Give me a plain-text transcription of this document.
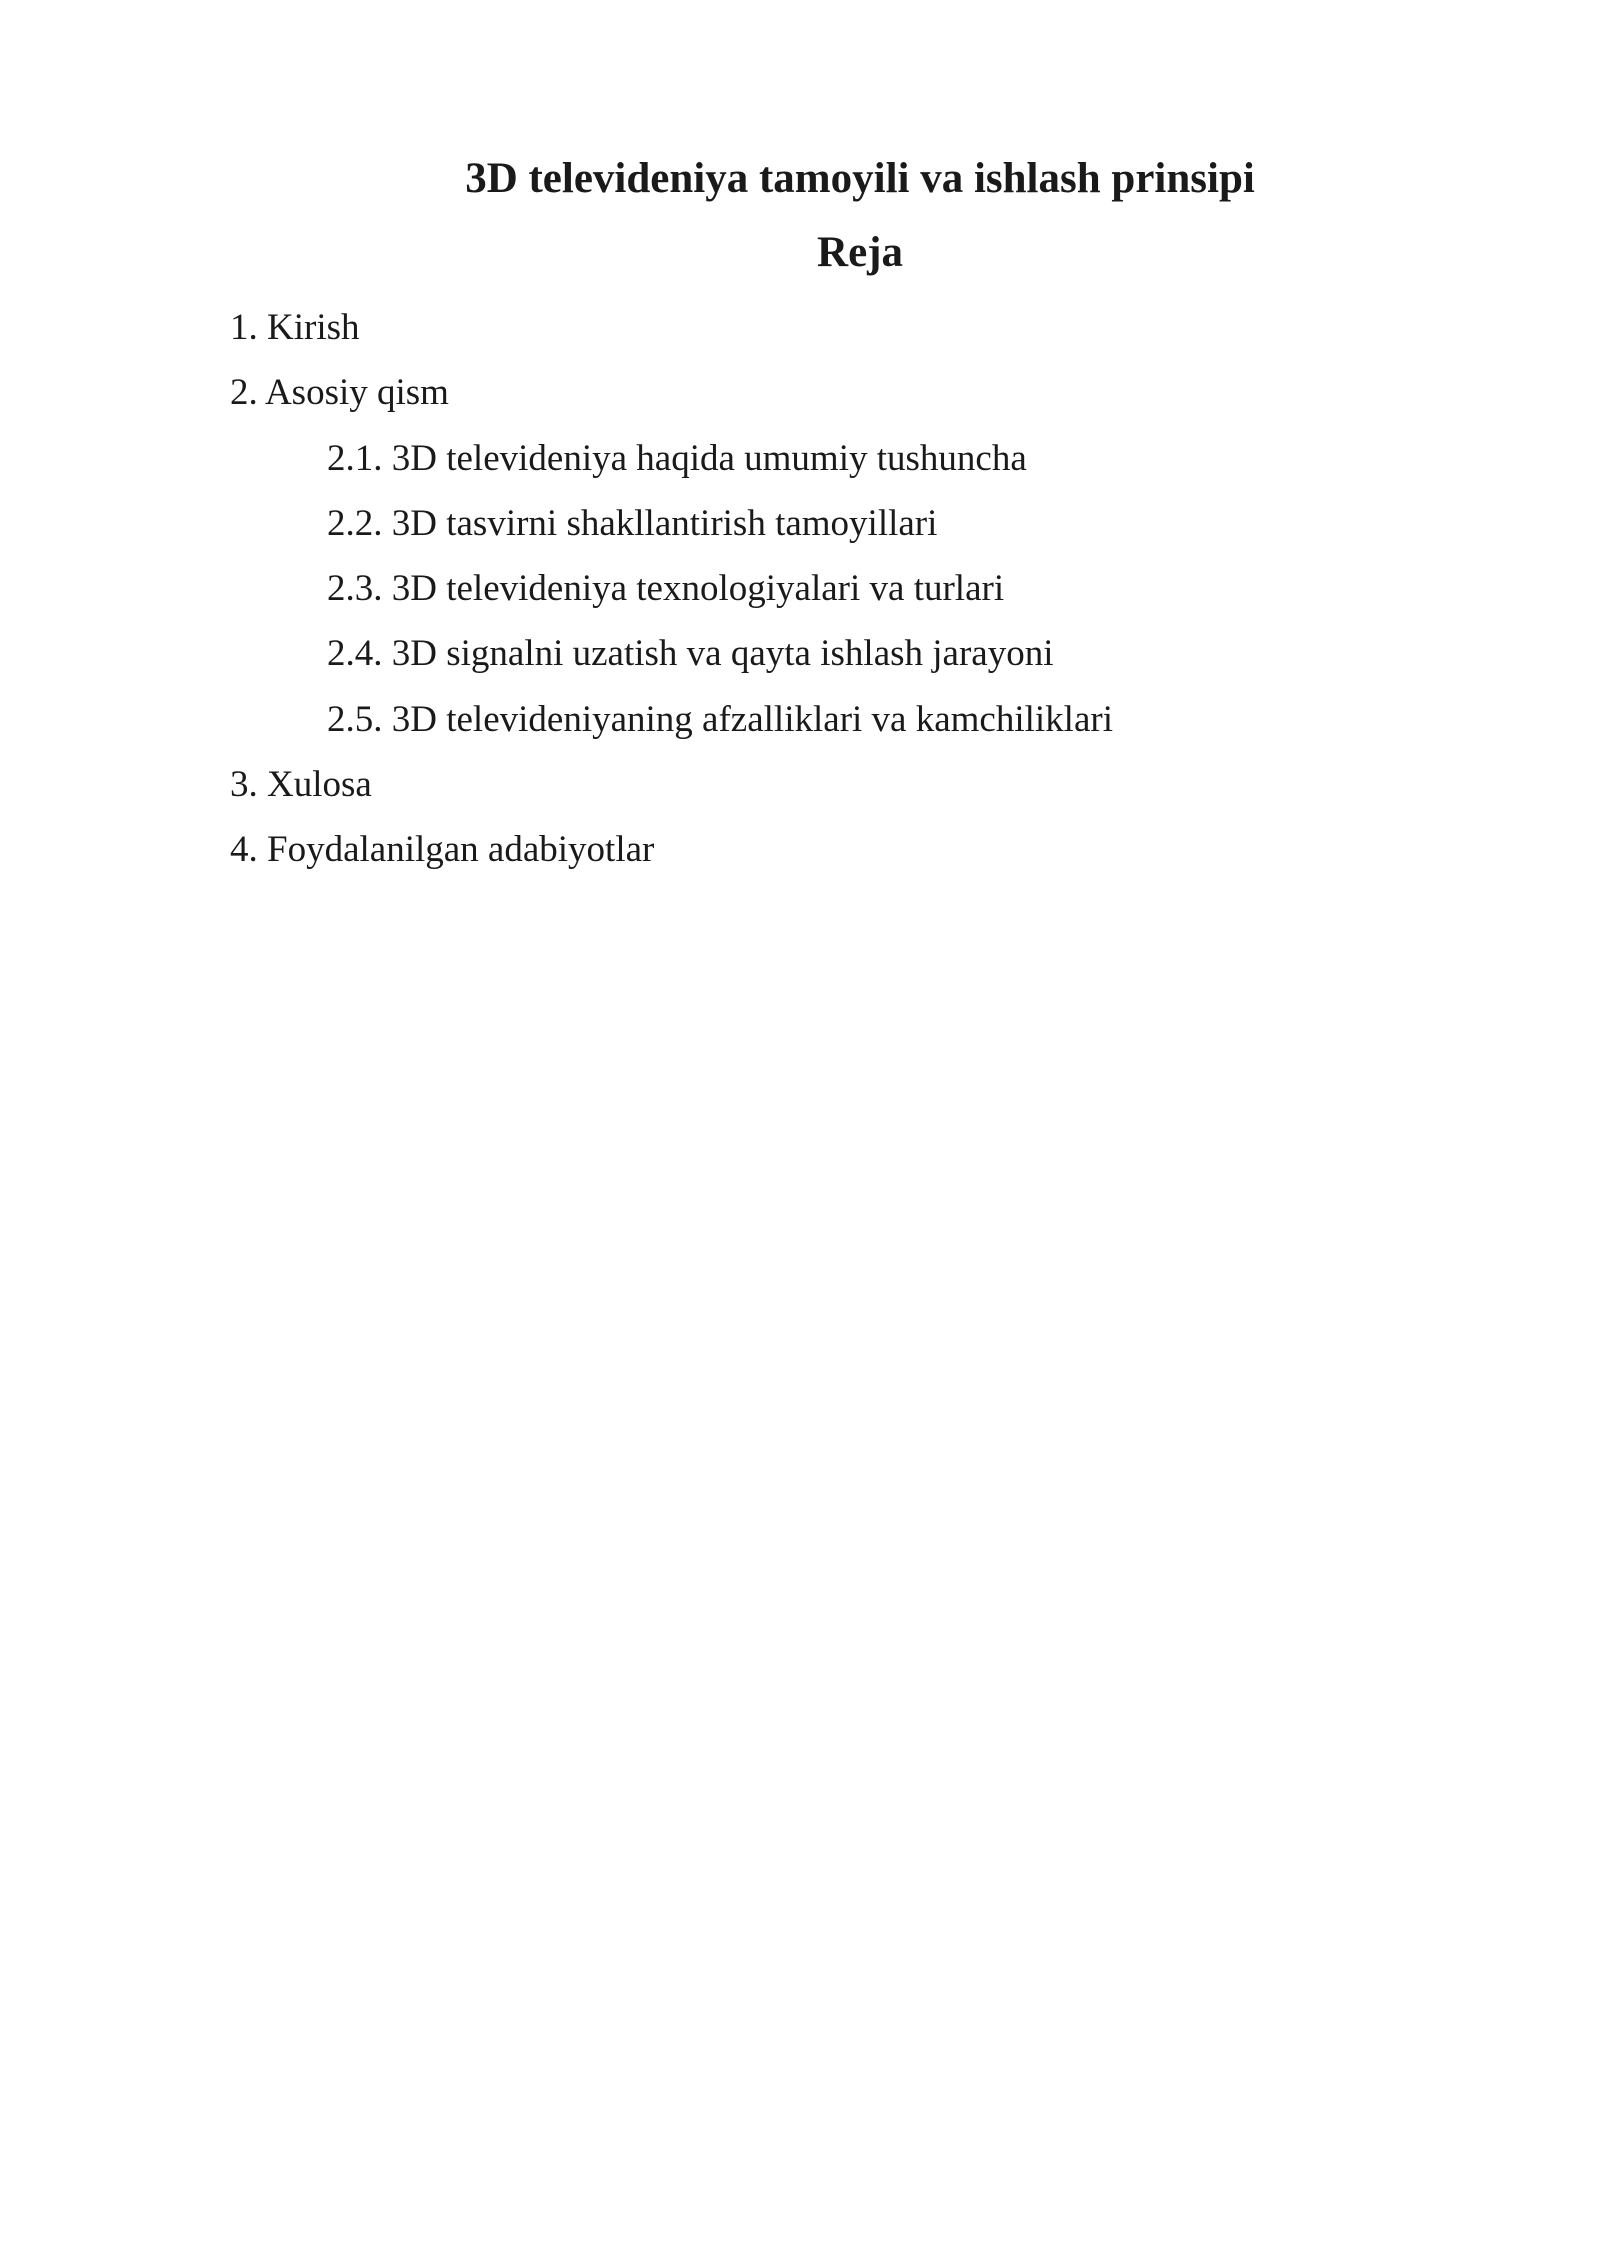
3D televideniya tamoyili va ishlash prinsipi
Reja
1. Kirish
2. Asosiy qism
2.1. 3D televideniya haqida umumiy tushuncha
2.2. 3D tasvirni shakllantirish tamoyillari
2.3. 3D televideniya texnologiyalari va turlari
2.4. 3D signalni uzatish va qayta ishlash jarayoni
2.5. 3D televideniyaning afzalliklari va kamchiliklari
3. Xulosa
4. Foydalanilgan adabiyotlar
